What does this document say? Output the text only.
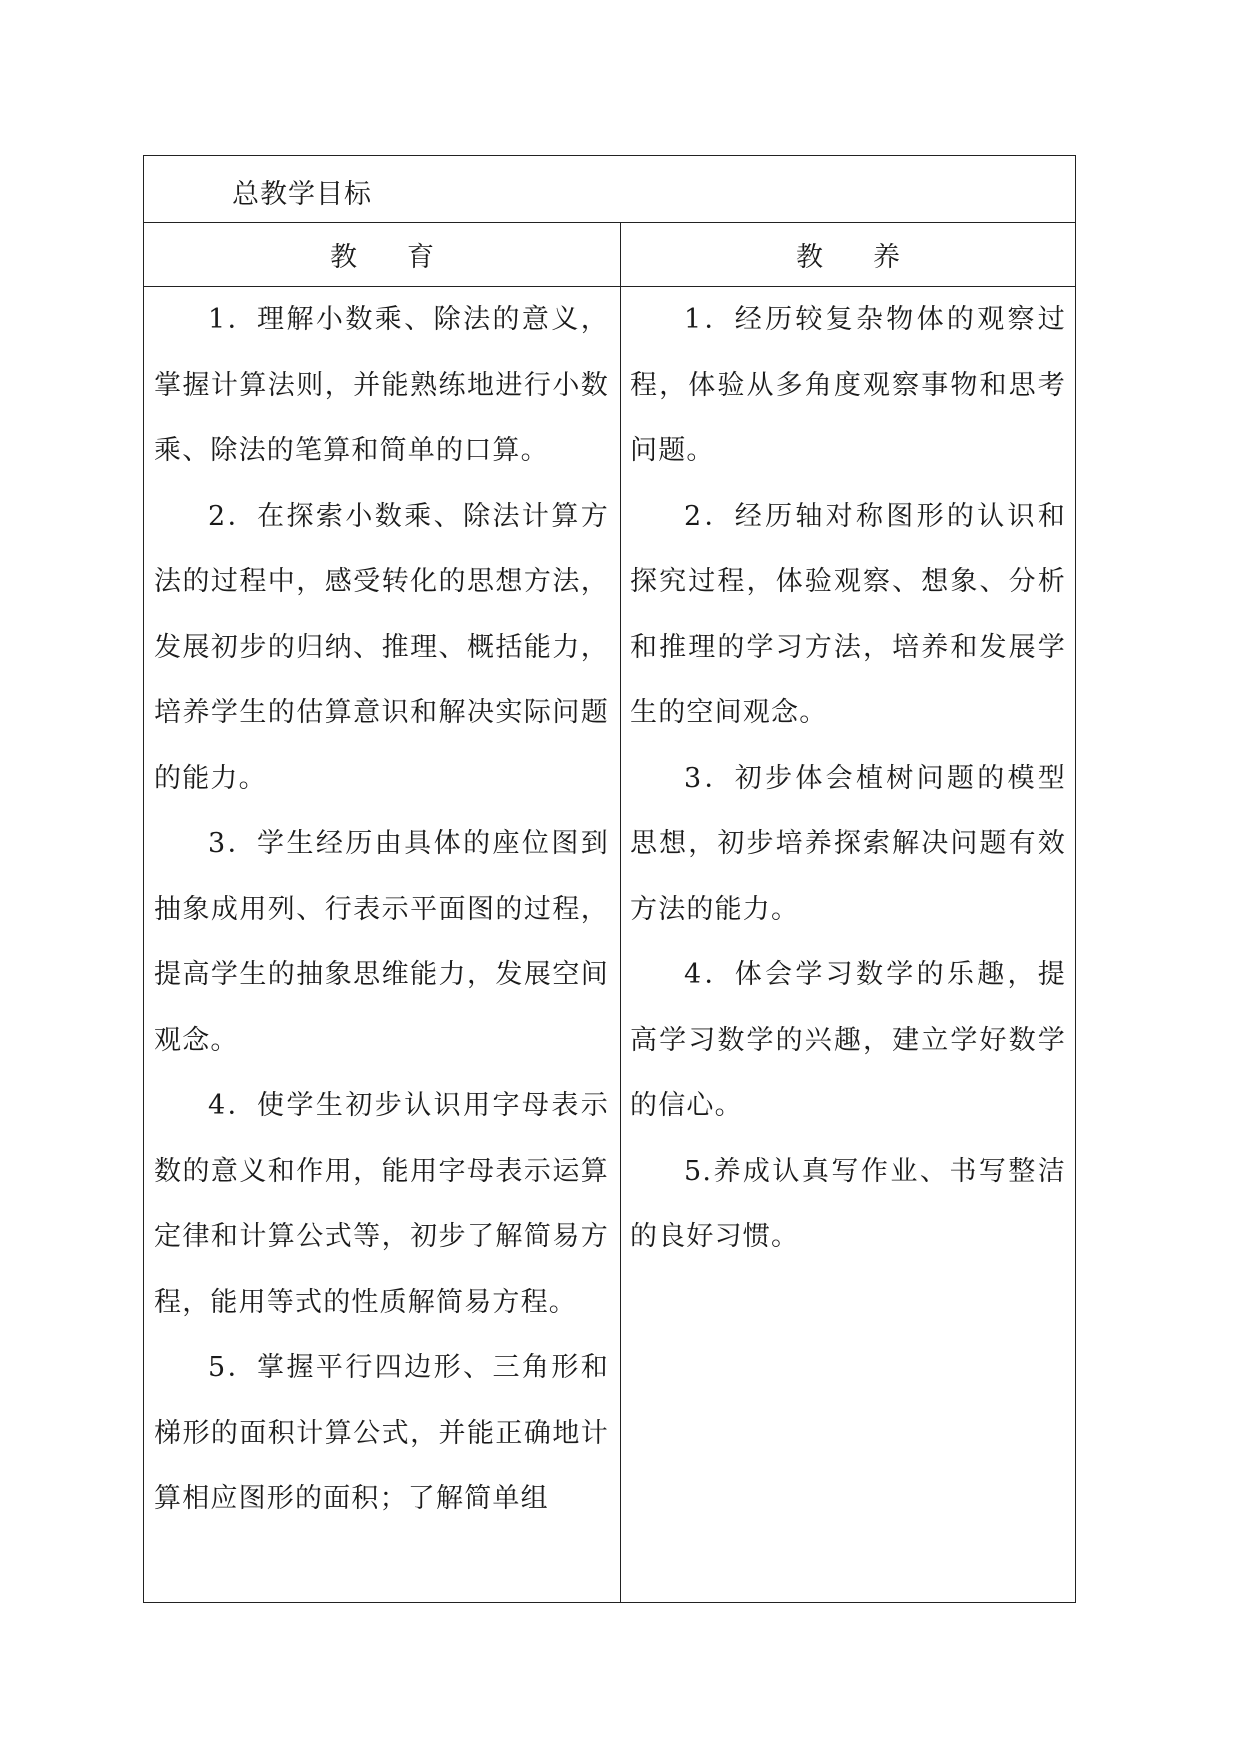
总教学目标
教育	教养

1．理解小数乘、除法的意义，掌握计算法则，并能熟练地进行小数乘、除法的笔算和简单的口算。

2．在探索小数乘、除法计算方法的过程中，感受转化的思想方法，发展初步的归纳、推理、概括能力，培养学生的估算意识和解决实际问题的能力。

3．学生经历由具体的座位图到抽象成用列、行表示平面图的过程，提高学生的抽象思维能力，发展空间观念。

4．使学生初步认识用字母表示数的意义和作用，能用字母表示运算定律和计算公式等，初步了解简易方程，能用等式的性质解简易方程。

5．掌握平行四边形、三角形和梯形的面积计算公式，并能正确地计算相应图形的面积；了解简单组

1．经历较复杂物体的观察过程，体验从多角度观察事物和思考问题。

2．经历轴对称图形的认识和探究过程，体验观察、想象、分析和推理的学习方法，培养和发展学生的空间观念。

3．初步体会植树问题的模型思想，初步培养探索解决问题有效方法的能力。

4．体会学习数学的乐趣，提高学习数学的兴趣，建立学好数学的信心。

5.养成认真写作业、书写整洁的良好习惯。
